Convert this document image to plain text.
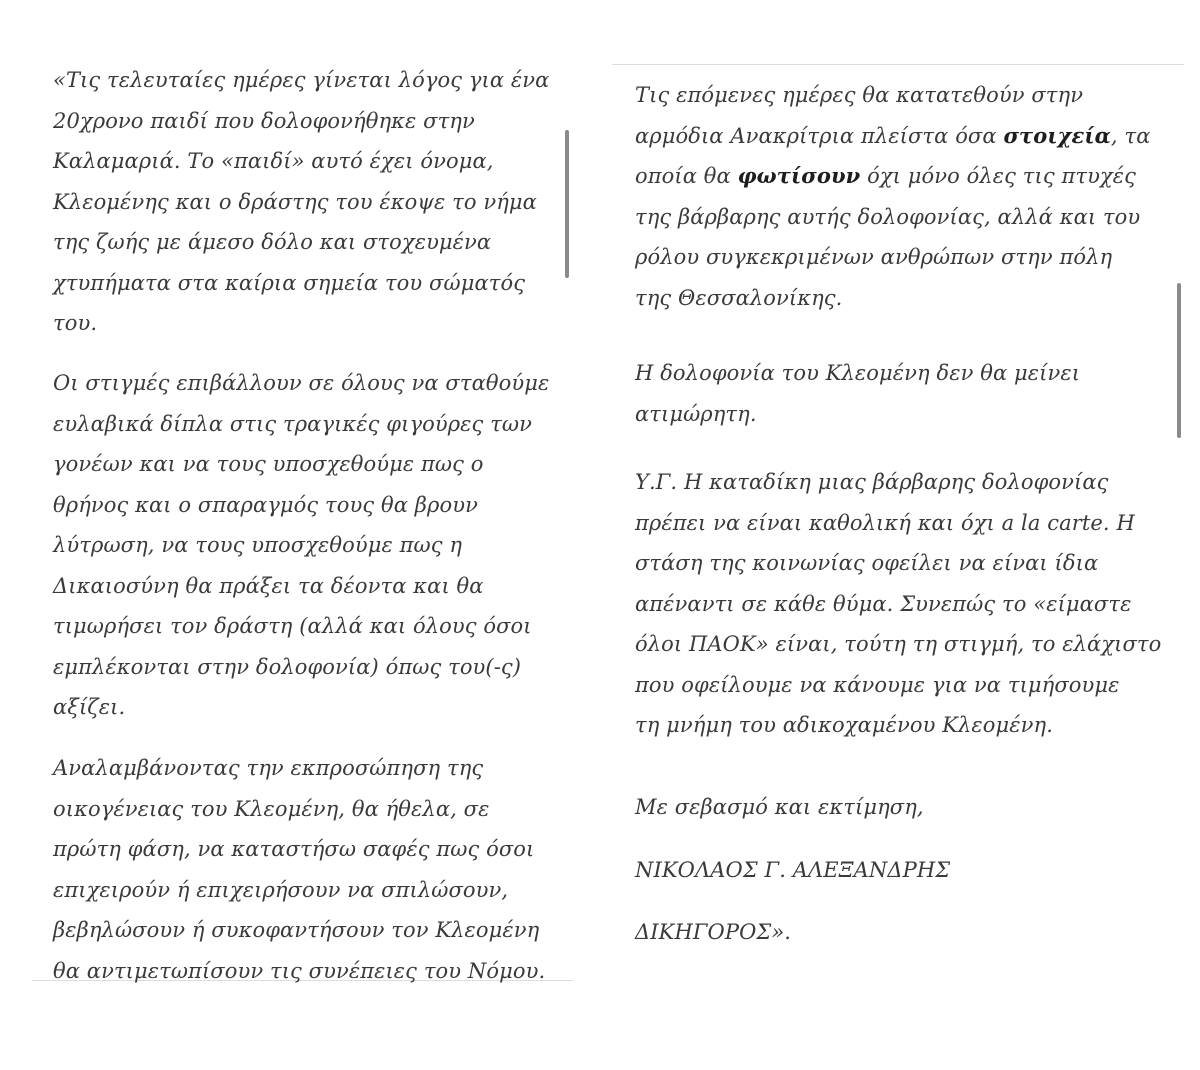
«Τις τελευταίες ημέρες γίνεται λόγος για ένα
20χρονο παιδί που δολοφονήθηκε στην
Καλαμαριά. Το «παιδί» αυτό έχει όνομα,
Κλεομένης και ο δράστης του έκοψε το νήμα
της ζωής με άμεσο δόλο και στοχευμένα
χτυπήματα στα καίρια σημεία του σώματός
του.

Οι στιγμές επιβάλλουν σε όλους να σταθούμε
ευλαβικά δίπλα στις τραγικές φιγούρες των
γονέων και να τους υποσχεθούμε πως ο
θρήνος και ο σπαραγμός τους θα βρουν
λύτρωση, να τους υποσχεθούμε πως η
Δικαιοσύνη θα πράξει τα δέοντα και θα
τιμωρήσει τον δράστη (αλλά και όλους όσοι
εμπλέκονται στην δολοφονία) όπως του(-ς)
αξίζει.

Αναλαμβάνοντας την εκπροσώπηση της
οικογένειας του Κλεομένη, θα ήθελα, σε
πρώτη φάση, να καταστήσω σαφές πως όσοι
επιχειρούν ή επιχειρήσουν να σπιλώσουν,
βεβηλώσουν ή συκοφαντήσουν τον Κλεομένη
θα αντιμετωπίσουν τις συνέπειες του Νόμου.

Τις επόμενες ημέρες θα κατατεθούν στην
αρμόδια Ανακρίτρια πλείστα όσα στοιχεία, τα
οποία θα φωτίσουν όχι μόνο όλες τις πτυχές
της βάρβαρης αυτής δολοφονίας, αλλά και του
ρόλου συγκεκριμένων ανθρώπων στην πόλη
της Θεσσαλονίκης.

Η δολοφονία του Κλεομένη δεν θα μείνει
ατιμώρητη.

Υ.Γ. Η καταδίκη μιας βάρβαρης δολοφονίας
πρέπει να είναι καθολική και όχι a la carte. Η
στάση της κοινωνίας οφείλει να είναι ίδια
απέναντι σε κάθε θύμα. Συνεπώς το «είμαστε
όλοι ΠΑΟΚ» είναι, τούτη τη στιγμή, το ελάχιστο
που οφείλουμε να κάνουμε για να τιμήσουμε
τη μνήμη του αδικοχαμένου Κλεομένη.

Με σεβασμό και εκτίμηση,

ΝΙΚΟΛΑΟΣ Γ. ΑΛΕΞΑΝΔΡΗΣ

ΔΙΚΗΓΟΡΟΣ».
